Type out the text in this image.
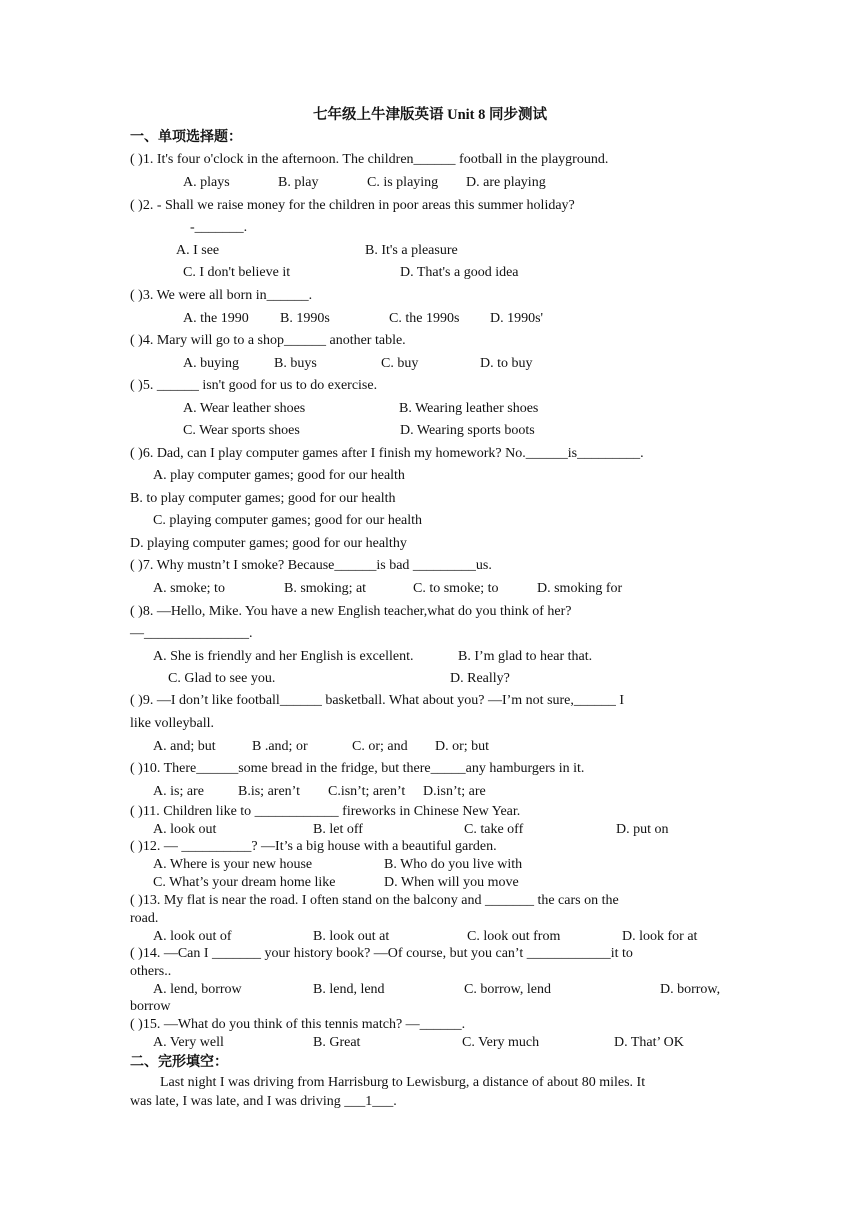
七年级上牛津版英语 Unit 8 同步测试
一、单项选择题：
( )1. It's four o'clock in the afternoon. The children______ football in the playground.
A. plays	B. play	C. is playing D. are playing
( )2. - Shall we raise money for the children in poor areas this summer holiday?
-_______.
A. I see	B. It's a pleasure
C. I don't believe it	D. That's a good idea
( )3. We were all born in______.
A. the 1990 B. 1990s	C. the 1990s D. 1990s'
( )4. Mary will go to a shop______ another table.
A. buying	B. buys	C. buy	D. to buy
( )5. ______ isn't good for us to do exercise.
A. Wear leather shoes	B. Wearing leather shoes
C. Wear sports shoes	D. Wearing sports boots
( )6. Dad, can I play computer games after I finish my homework? No.______is_________.
A. play computer games; good for our health
B. to play computer games; good for our health
C. playing computer games; good for our health
D. playing computer games; good for our healthy
( )7. Why mustn’t I smoke? Because______is bad _________us.
A. smoke; to	B. smoking; at	C. to smoke; to	D. smoking for
( )8. —Hello, Mike. You have a new English teacher,what do you think of her?
—_______________.
A. She is friendly and her English is excellent.	B. I’m glad to hear that.
C. Glad to see you.	D. Really?
( )9. —I don’t like football______ basketball. What about you? —I’m not sure,______ I
like volleyball.
A. and; but	B .and; or	C. or; and D. or; but
( )10. There______some bread in the fridge, but there_____any hamburgers in it.
A. is; are B.is; aren’t C.isn’t; aren’t D.isn’t; are
( )11. Children like to ____________ fireworks in Chinese New Year.
A. look out	B. let off	C. take off	D. put on
( )12. — __________? —It’s a big house with a beautiful garden.
A. Where is your new house	B. Who do you live with
C. What’s your dream home like	D. When will you move
( )13. My flat is near the road. I often stand on the balcony and _______ the cars on the
road.
A. look out of	B. look out at	C. look out from	D. look for at
( )14. —Can I _______ your history book? —Of course, but you can’t ____________it to
others..
A. lend, borrow	B. lend, lend	C. borrow, lend	D. borrow,
borrow
( )15. —What do you think of this tennis match? —______.
A. Very well	B. Great	C. Very much	D. That’ OK
二、完形填空：
Last night I was driving from Harrisburg to Lewisburg, a distance of about 80 miles. It
was late, I was late, and I was driving ___1___.
